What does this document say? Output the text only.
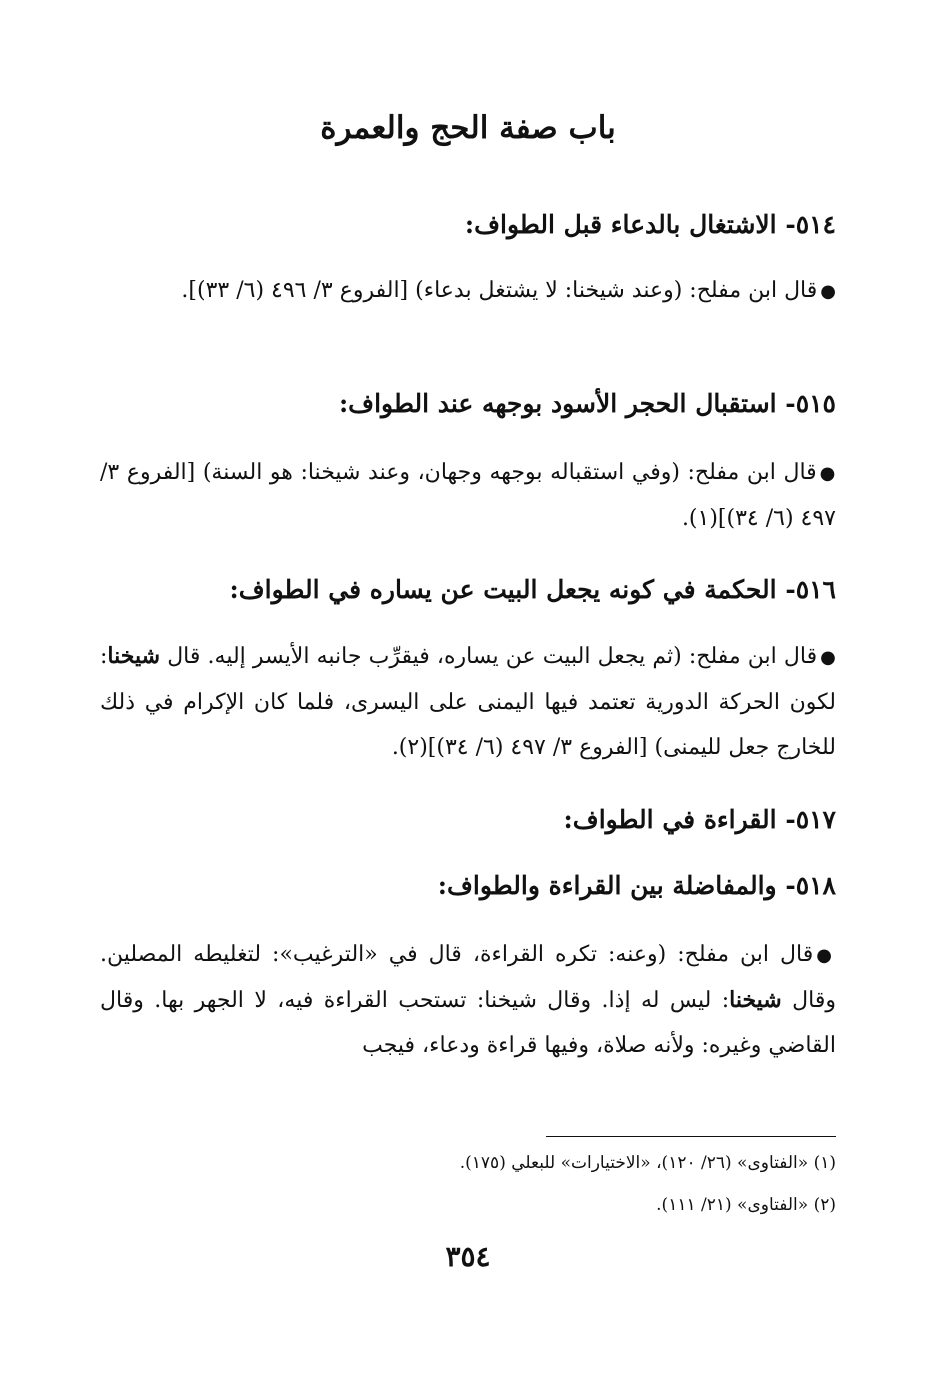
باب صفة الحج والعمرة
٥١٤- الاشتغال بالدعاء قبل الطواف:

●قال ابن مفلح: (وعند شيخنا: لا يشتغل بدعاء) [الفروع ٣/ ٤٩٦ (٦/ ٣٣)].

٥١٥- استقبال الحجر الأسود بوجهه عند الطواف:

●قال ابن مفلح: (وفي استقباله بوجهه وجهان، وعند شيخنا: هو السنة) [الفروع ٣/ ٤٩٧ (٦/ ٣٤)](١).

٥١٦- الحكمة في كونه يجعل البيت عن يساره في الطواف:

●قال ابن مفلح: (ثم يجعل البيت عن يساره، فيقرِّب جانبه الأيسر إليه. قال شيخنا: لكون الحركة الدورية تعتمد فيها اليمنى على اليسرى، فلما كان الإكرام في ذلك للخارج جعل لليمنى) [الفروع ٣/ ٤٩٧ (٦/ ٣٤)](٢).

٥١٧- القراءة في الطواف:
٥١٨- والمفاضلة بين القراءة والطواف:

●قال ابن مفلح: (وعنه: تكره القراءة، قال في «الترغيب»: لتغليطه المصلين. وقال شيخنا: ليس له إذا. وقال شيخنا: تستحب القراءة فيه، لا الجهر بها. وقال القاضي وغيره: ولأنه صلاة، وفيها قراءة ودعاء، فيجب

(١) «الفتاوى» (٢٦/ ١٢٠)، «الاختيارات» للبعلي (١٧٥).

(٢) «الفتاوى» (٢١/ ١١١).

٣٥٤
